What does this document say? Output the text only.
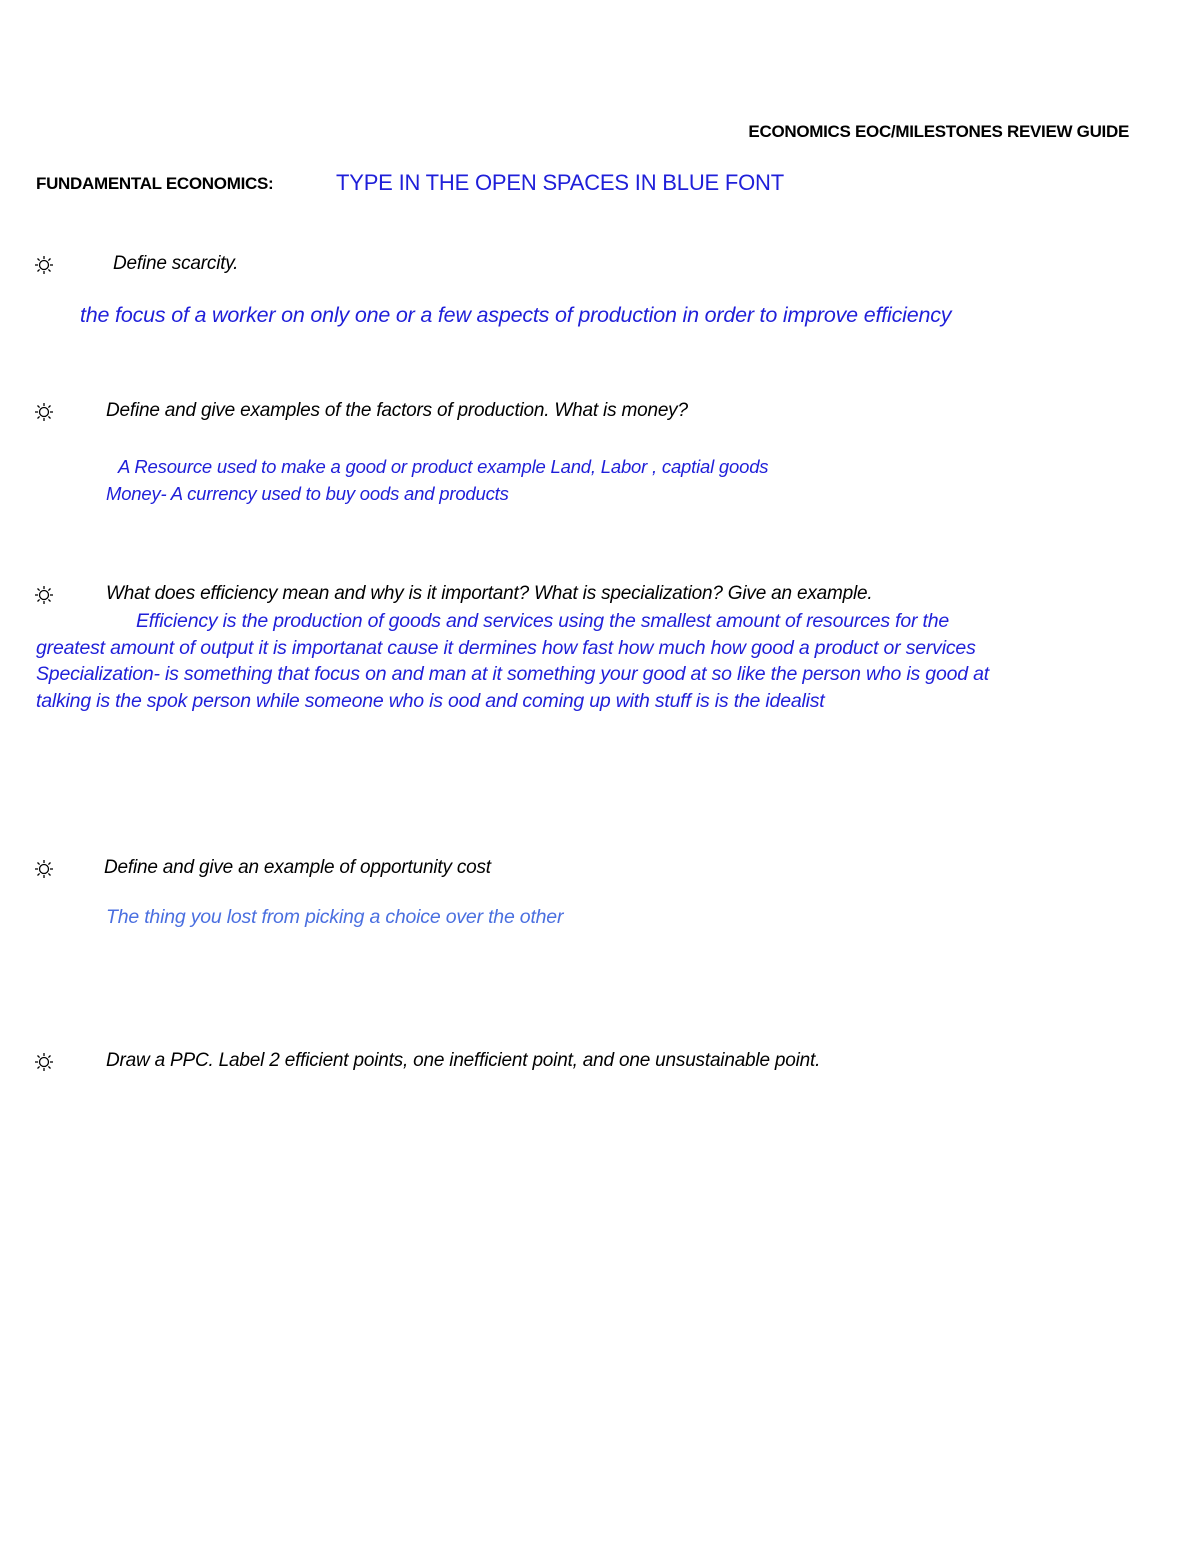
ECONOMICS EOC/MILESTONES REVIEW GUIDE
FUNDAMENTAL ECONOMICS:	TYPE IN THE OPEN SPACES IN BLUE FONT
Define scarcity.
the focus of a worker on only one or a few aspects of production in order to improve efficiency
Define and give examples of the factors of production. What is money?
A Resource used to make a good or product example Land, Labor , captial goods
Money- A currency used to buy oods and products
What does efficiency mean and why is it important? What is specialization? Give an example.
Efficiency is the production of goods and services using the smallest amount of resources for the
greatest amount of output it is importanat cause it dermines how fast how much how good a product or services
Specialization- is something that focus on and man at it something your good at so like the person who is good at
talking is the spok person while someone who is ood and coming up with stuff is is the idealist
Define and give an example of opportunity cost
The thing you lost from picking a choice over the other
Draw a PPC. Label 2 efficient points, one inefficient point, and one unsustainable point.
